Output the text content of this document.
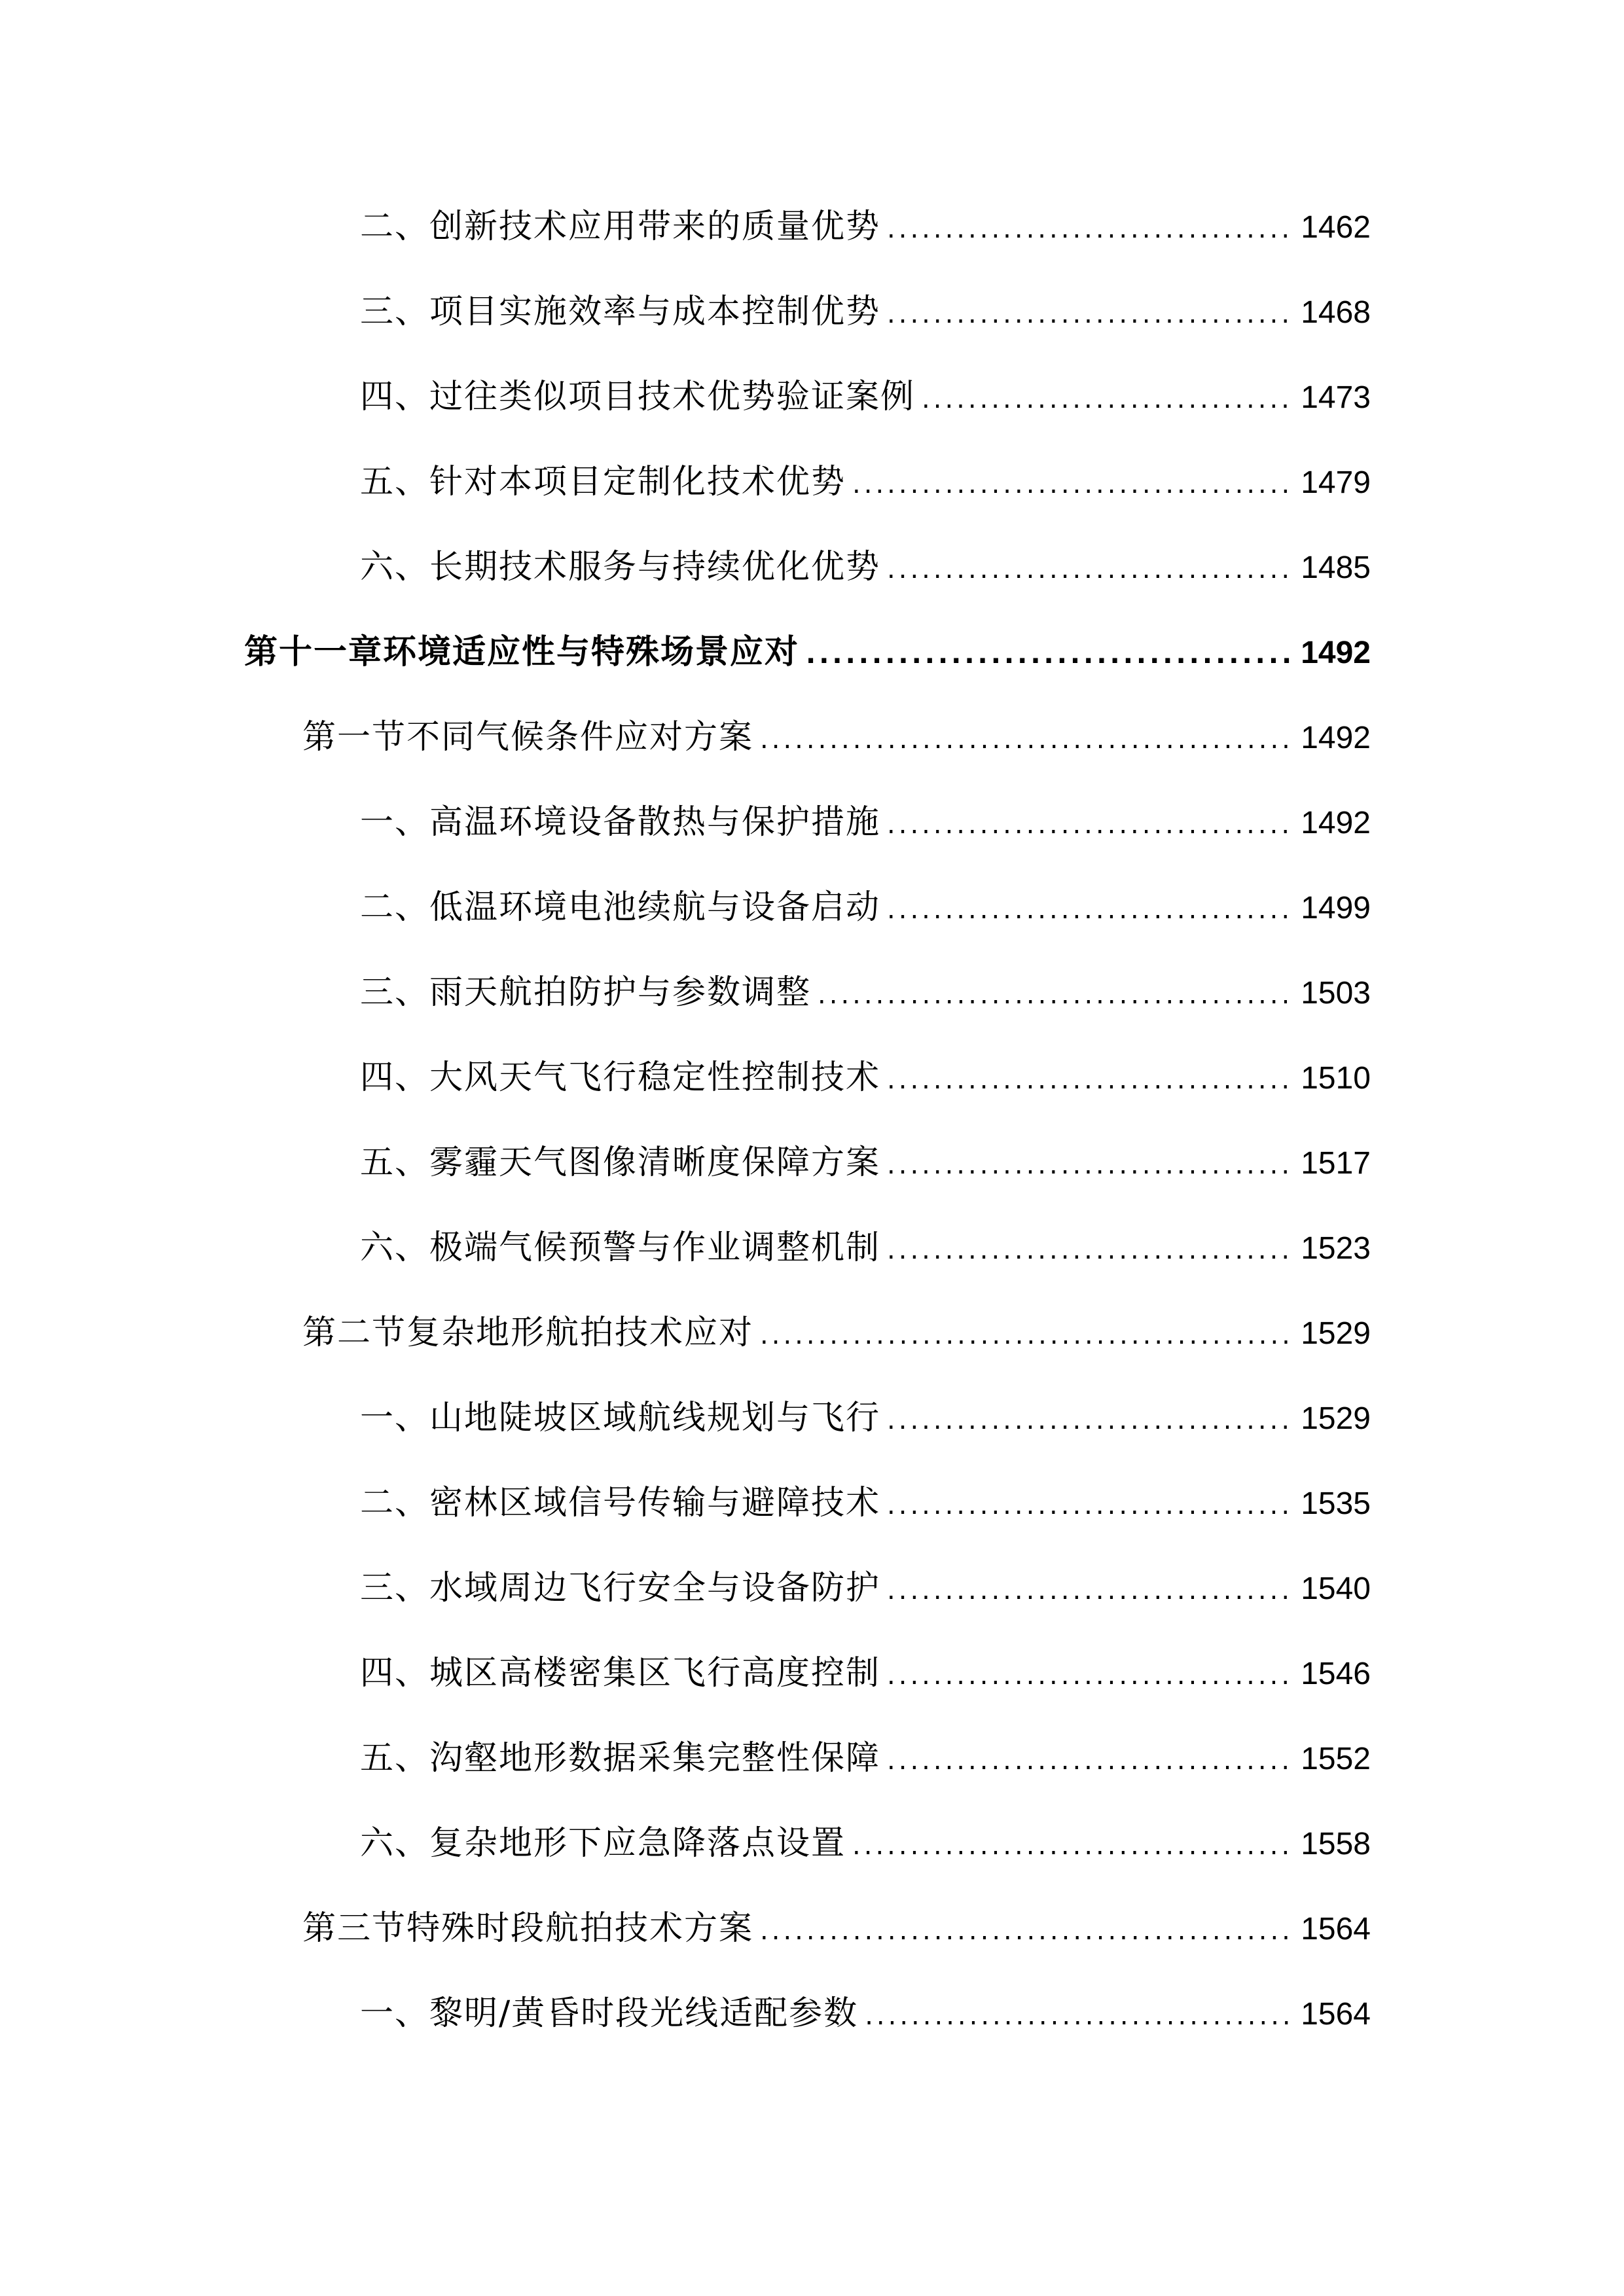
二、创新技术应用带来的质量优势 .....	1462
三、项目实施效率与成本控制优势 .....	1468
四、过往类似项目技术优势验证案例 .....	1473
五、针对本项目定制化技术优势 .....	1479
六、长期技术服务与持续优化优势 .....	1485
第十一章环境适应性与特殊场景应对 .....	1492
第一节不同气候条件应对方案 .....	1492
一、高温环境设备散热与保护措施 .....	1492
二、低温环境电池续航与设备启动 .....	1499
三、雨天航拍防护与参数调整 .....	1503
四、大风天气飞行稳定性控制技术 .....	1510
五、雾霾天气图像清晰度保障方案 .....	1517
六、极端气候预警与作业调整机制 .....	1523
第二节复杂地形航拍技术应对 .....	1529
一、山地陡坡区域航线规划与飞行 .....	1529
二、密林区域信号传输与避障技术 .....	1535
三、水域周边飞行安全与设备防护 .....	1540
四、城区高楼密集区飞行高度控制 .....	1546
五、沟壑地形数据采集完整性保障 .....	1552
六、复杂地形下应急降落点设置 .....	1558
第三节特殊时段航拍技术方案 .....	1564
一、黎明/黄昏时段光线适配参数 .....	1564
